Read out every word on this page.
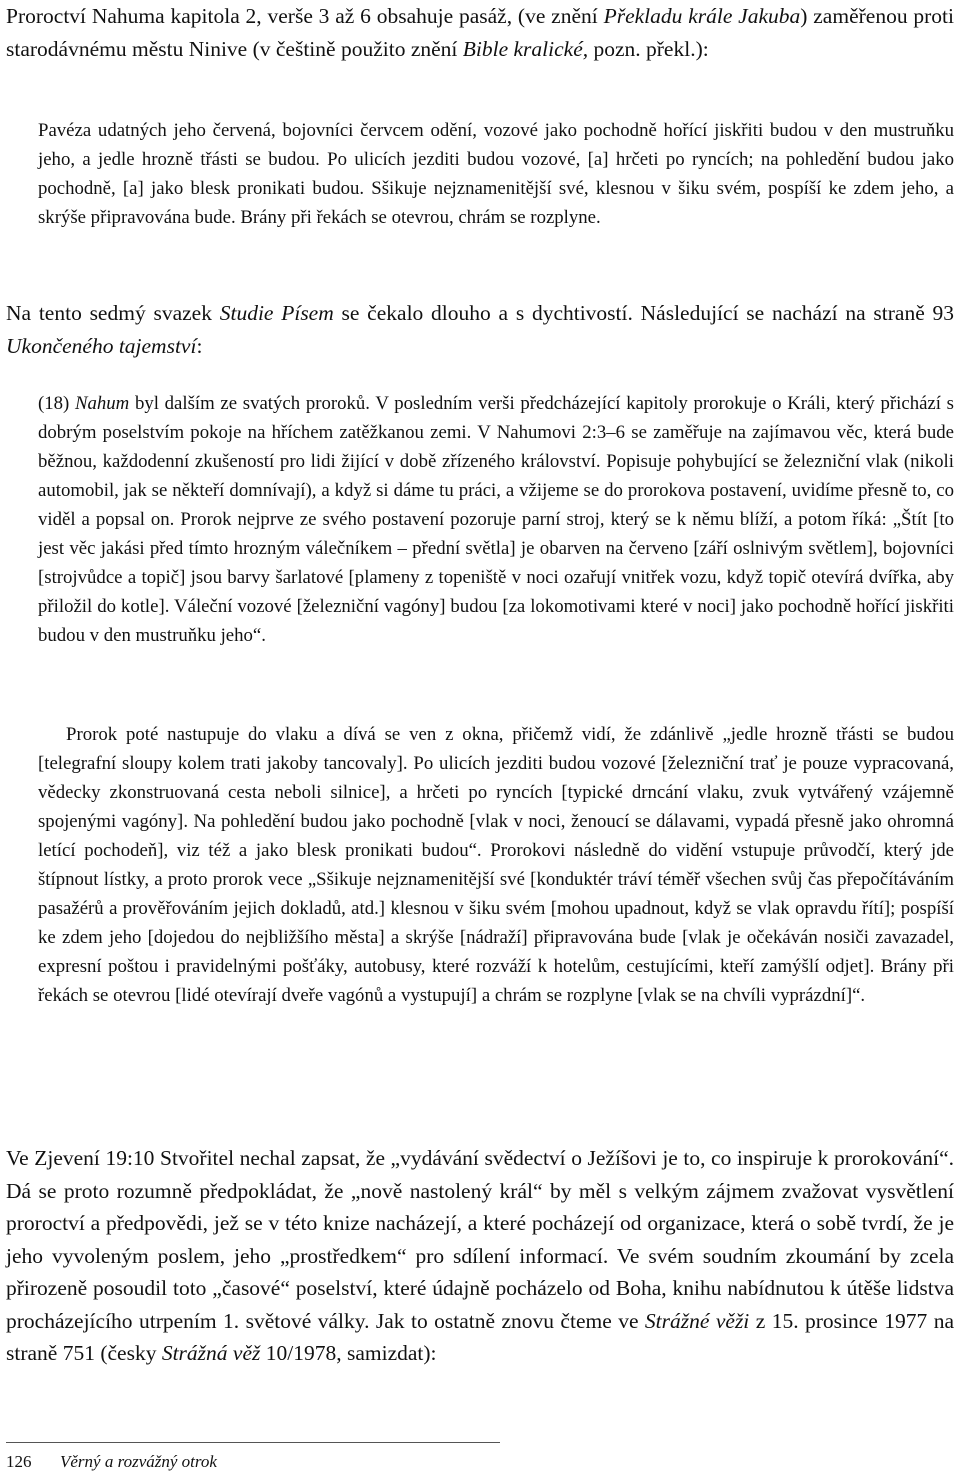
Proroctví Nahuma kapitola 2, verše 3 až 6 obsahuje pasáž, (ve znění Překladu krále Jakuba) zaměřenou proti starodávnému městu Ninive (v češtině použito znění Bible kralické, pozn. překl.):

Pavéza udatných jeho červená, bojovníci červcem odění, vozové jako pochodně hořící jiskřiti budou v den mustruňku jeho, a jedle hrozně třásti se budou. Po ulicích jezditi budou vozové, [a] hrčeti po ryncích; na pohledění budou jako pochodně, [a] jako blesk pronikati budou. Sšikuje nejznamenitější své, klesnou v šiku svém, pospíší ke zdem jeho, a skrýše připravována bude. Brány při řekách se otevrou, chrám se rozplyne.

Na tento sedmý svazek Studie Písem se čekalo dlouho a s dychtivostí. Následující se nachází na straně 93 Ukončeného tajemství:

(18) Nahum byl dalším ze svatých proroků. V posledním verši předcházející kapitoly prorokuje o Králi, který přichází s dobrým poselstvím pokoje na hříchem zatěžkanou zemi. V Nahumovi 2:3–6 se zaměřuje na zajímavou věc, která bude běžnou, každodenní zkušeností pro lidi žijící v době zřízeného království. Popisuje pohybující se železniční vlak (nikoli automobil, jak se někteří domnívají), a když si dáme tu práci, a vžijeme se do prorokova postavení, uvidíme přesně to, co viděl a popsal on. Prorok nejprve ze svého postavení pozoruje parní stroj, který se k němu blíží, a potom říká: „Štít [to jest věc jakási před tímto hrozným válečníkem – přední světla] je obarven na červeno [září oslnivým světlem], bojovníci [strojvůdce a topič] jsou barvy šarlatové [plameny z topeniště v noci ozařují vnitřek vozu, když topič otevírá dvířka, aby přiložil do kotle]. Váleční vozové [železniční vagóny] budou [za lokomotivami které v noci] jako pochodně hořící jiskřiti budou v den mustruňku jeho“.

Prorok poté nastupuje do vlaku a dívá se ven z okna, přičemž vidí, že zdánlivě „jedle hrozně třásti se budou [telegrafní sloupy kolem trati jakoby tancovaly]. Po ulicích jezditi budou vozové [železniční trať je pouze vypracovaná, vědecky zkonstruovaná cesta neboli silnice], a hrčeti po ryncích [typické drncání vlaku, zvuk vytvářený vzájemně spojenými vagóny]. Na pohledění budou jako pochodně [vlak v noci, ženoucí se dálavami, vypadá přesně jako ohromná letící pochodeň], viz též a jako blesk pronikati budou“. Prorokovi následně do vidění vstupuje průvodčí, který jde štípnout lístky, a proto prorok vece „Sšikuje nejznamenitější své [konduktér tráví téměř všechen svůj čas přepočítáváním pasažérů a prověřováním jejich dokladů, atd.] klesnou v šiku svém [mohou upadnout, když se vlak opravdu řítí]; pospíší ke zdem jeho [dojedou do nejbližšího města] a skrýše [nádraží] připravována bude [vlak je očekáván nosiči zavazadel, expresní poštou i pravidelnými pošťáky, autobusy, které rozváží k hotelům, cestujícími, kteří zamýšlí odjet]. Brány při řekách se otevrou [lidé otevírají dveře vagónů a vystupují] a chrám se rozplyne [vlak se na chvíli vyprázdní]“.

Ve Zjevení 19:10 Stvořitel nechal zapsat, že „vydávání svědectví o Ježíšovi je to, co inspiruje k prorokování“. Dá se proto rozumně předpokládat, že „nově nastolený král“ by měl s velkým zájmem zvažovat vysvětlení proroctví a předpovědi, jež se v této knize nacházejí, a které pocházejí od organizace, která o sobě tvrdí, že je jeho vyvoleným poslem, jeho „prostředkem“ pro sdílení informací. Ve svém soudním zkoumání by zcela přirozeně posoudil toto „časové“ poselství, které údajně pocházelo od Boha, knihu nabídnutou k útěše lidstva procházejícího utrpením 1. světové války. Jak to ostatně znovu čteme ve Strážné věži z 15. prosince 1977 na straně 751 (česky Strážná věž 10/1978, samizdat):

126 Věrný a rozvážný otrok
